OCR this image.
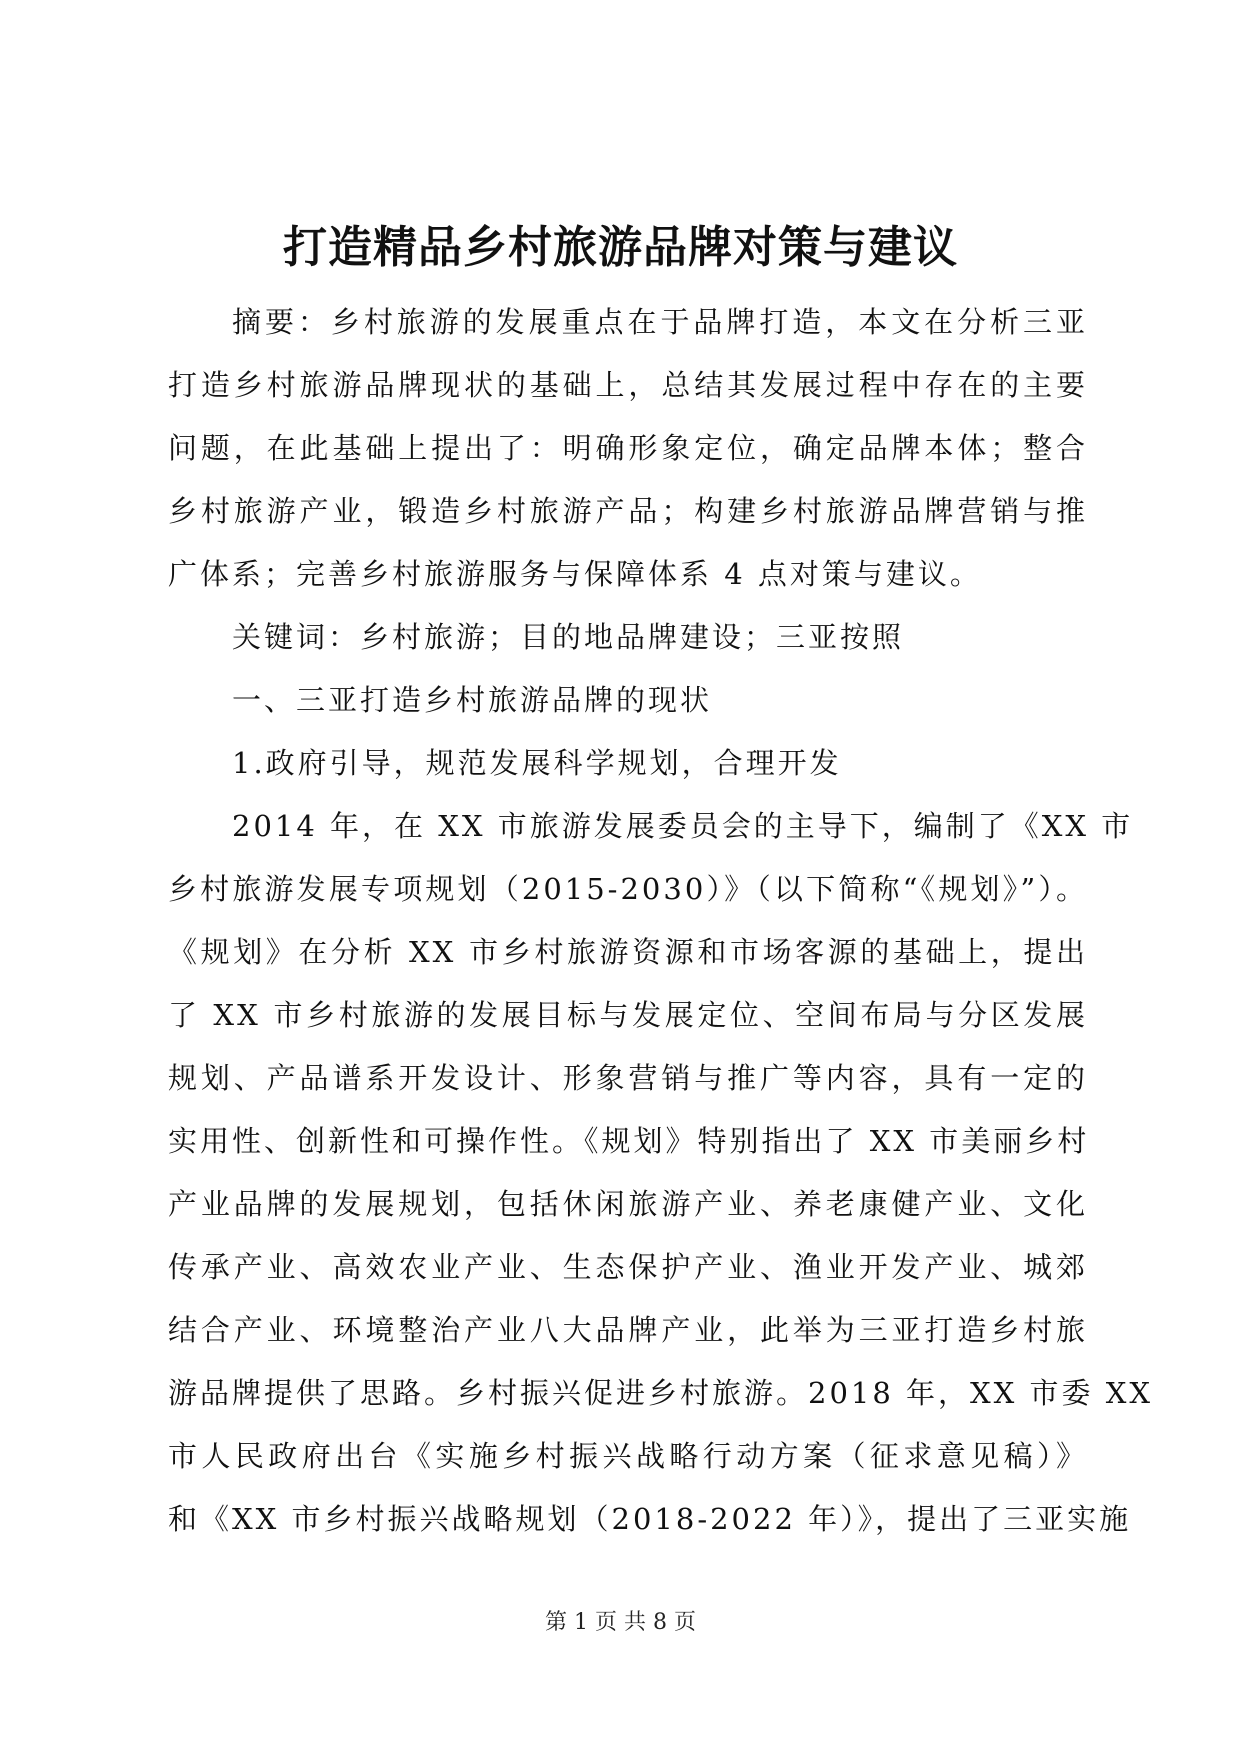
打造精品乡村旅游品牌对策与建议
摘要：乡村旅游的发展重点在于品牌打造，本文在分析三亚
打造乡村旅游品牌现状的基础上，总结其发展过程中存在的主要
问题，在此基础上提出了：明确形象定位，确定品牌本体；整合
乡村旅游产业，锻造乡村旅游产品；构建乡村旅游品牌营销与推
广体系；完善乡村旅游服务与保障体系 4 点对策与建议。
关键词：乡村旅游；目的地品牌建设；三亚按照
一、三亚打造乡村旅游品牌的现状
1.政府引导，规范发展科学规划，合理开发
2014 年，在 XX 市旅游发展委员会的主导下，编制了《XX 市
乡村旅游发展专项规划（2015-2030）》（以下简称“《规划》”）。
《规划》在分析 XX 市乡村旅游资源和市场客源的基础上，提出
了 XX 市乡村旅游的发展目标与发展定位、空间布局与分区发展
规划、产品谱系开发设计、形象营销与推广等内容，具有一定的
实用性、创新性和可操作性。《规划》特别指出了 XX 市美丽乡村
产业品牌的发展规划，包括休闲旅游产业、养老康健产业、文化
传承产业、高效农业产业、生态保护产业、渔业开发产业、城郊
结合产业、环境整治产业八大品牌产业，此举为三亚打造乡村旅
游品牌提供了思路。乡村振兴促进乡村旅游。2018 年，XX 市委 XX
市人民政府出台《实施乡村振兴战略行动方案（征求意见稿）》
和《XX 市乡村振兴战略规划（2018-2022 年）》，提出了三亚实施
第 1 页 共 8 页
